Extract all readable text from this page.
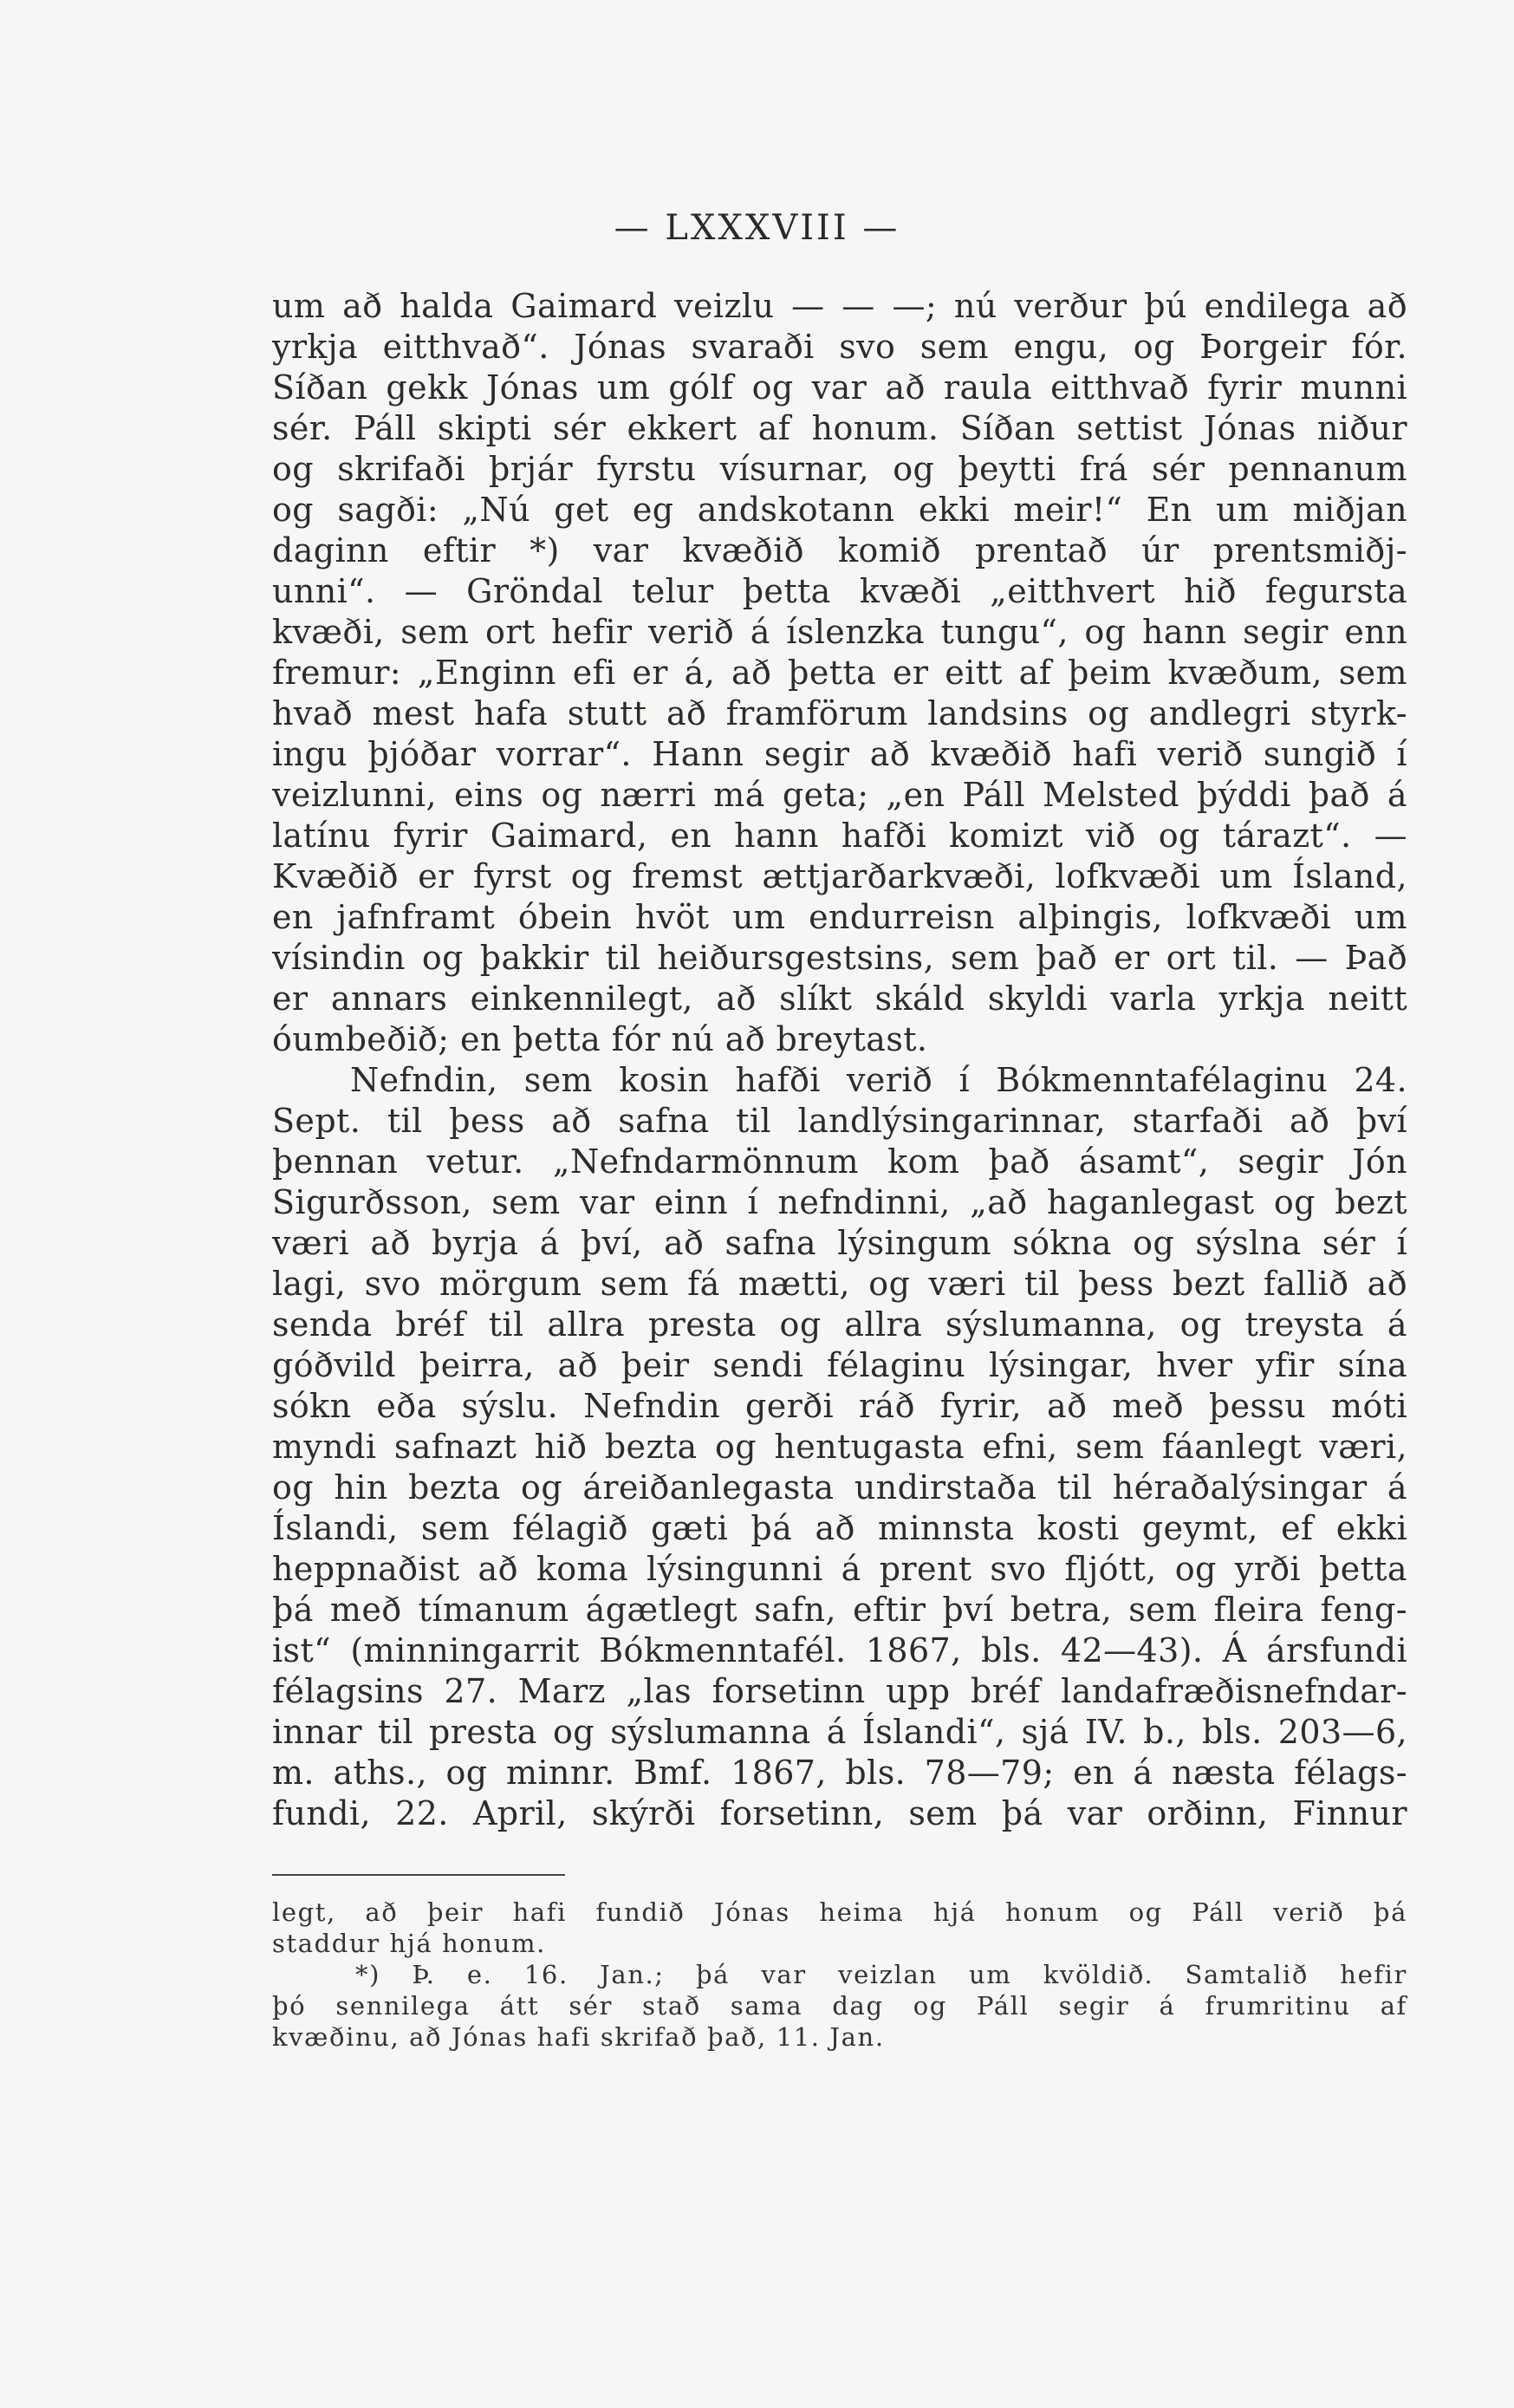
— LXXXVIII —
um að halda Gaimard veizlu — — —; nú verður þú endilega að
yrkja eitthvað“. Jónas svaraði svo sem engu, og Þorgeir fór.
Síðan gekk Jónas um gólf og var að raula eitthvað fyrir munni
sér. Páll skipti sér ekkert af honum. Síðan settist Jónas niður
og skrifaði þrjár fyrstu vísurnar, og þeytti frá sér pennanum
og sagði: „Nú get eg andskotann ekki meir!“ En um miðjan
daginn eftir *) var kvæðið komið prentað úr prentsmiðj-
unni“. — Gröndal telur þetta kvæði „eitthvert hið fegursta
kvæði, sem ort hefir verið á íslenzka tungu“, og hann segir enn
fremur: „Enginn efi er á, að þetta er eitt af þeim kvæðum, sem
hvað mest hafa stutt að framförum landsins og andlegri styrk-
ingu þjóðar vorrar“. Hann segir að kvæðið hafi verið sungið í
veizlunni, eins og nærri má geta; „en Páll Melsted þýddi það á
latínu fyrir Gaimard, en hann hafði komizt við og tárazt“. —
Kvæðið er fyrst og fremst ættjarðarkvæði, lofkvæði um Ísland,
en jafnframt óbein hvöt um endurreisn alþingis, lofkvæði um
vísindin og þakkir til heiðursgestsins, sem það er ort til. — Það
er annars einkennilegt, að slíkt skáld skyldi varla yrkja neitt
óumbeðið; en þetta fór nú að breytast.
Nefndin, sem kosin hafði verið í Bókmenntafélaginu 24.
Sept. til þess að safna til landlýsingarinnar, starfaði að því
þennan vetur. „Nefndarmönnum kom það ásamt“, segir Jón
Sigurðsson, sem var einn í nefndinni, „að haganlegast og bezt
væri að byrja á því, að safna lýsingum sókna og sýslna sér í
lagi, svo mörgum sem fá mætti, og væri til þess bezt fallið að
senda bréf til allra presta og allra sýslumanna, og treysta á
góðvild þeirra, að þeir sendi félaginu lýsingar, hver yfir sína
sókn eða sýslu. Nefndin gerði ráð fyrir, að með þessu móti
myndi safnazt hið bezta og hentugasta efni, sem fáanlegt væri,
og hin bezta og áreiðanlegasta undirstaða til héraðalýsingar á
Íslandi, sem félagið gæti þá að minnsta kosti geymt, ef ekki
heppnaðist að koma lýsingunni á prent svo fljótt, og yrði þetta
þá með tímanum ágætlegt safn, eftir því betra, sem fleira feng-
ist“ (minningarrit Bókmenntafél. 1867, bls. 42—43). Á ársfundi
félagsins 27. Marz „las forsetinn upp bréf landafræðisnefndar-
innar til presta og sýslumanna á Íslandi“, sjá IV. b., bls. 203—6,
m. aths., og minnr. Bmf. 1867, bls. 78—79; en á næsta félags-
fundi, 22. April, skýrði forsetinn, sem þá var orðinn, Finnur
legt, að þeir hafi fundið Jónas heima hjá honum og Páll verið þá
staddur hjá honum.
*) Þ. e. 16. Jan.; þá var veizlan um kvöldið. Samtalið hefir
þó sennilega átt sér stað sama dag og Páll segir á frumritinu af
kvæðinu, að Jónas hafi skrifað það, 11. Jan.
